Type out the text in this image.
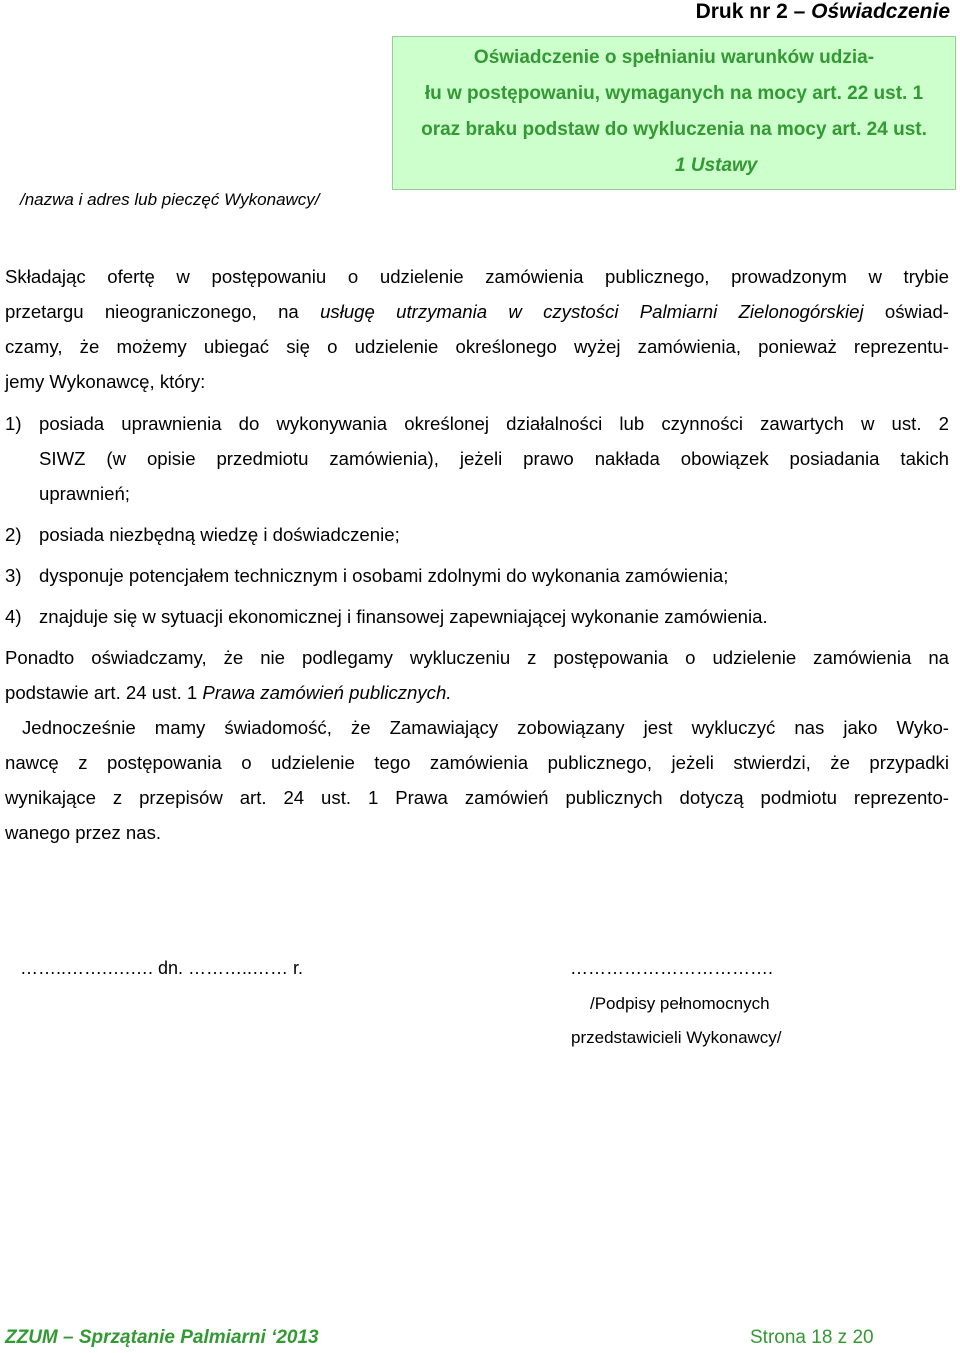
Druk nr 2 – Oświadczenie
Oświadczenie o spełnianiu warunków udzia-
łu w postępowaniu, wymaganych na mocy art. 22 ust. 1
oraz braku podstaw do wykluczenia na mocy art. 24 ust.
1 Ustawy
/nazwa i adres lub pieczęć Wykonawcy/
Składając ofertę w postępowaniu o udzielenie zamówienia publicznego, prowadzonym w trybie
przetargu nieograniczonego, na usługę utrzymania w czystości Palmiarni Zielonogórskiej oświad-
czamy, że możemy ubiegać się o udzielenie określonego wyżej zamówienia, ponieważ reprezentu-
jemy Wykonawcę, który:
1) posiada uprawnienia do wykonywania określonej działalności lub czynności zawartych w ust. 2
SIWZ (w opisie przedmiotu zamówienia), jeżeli prawo nakłada obowiązek posiadania takich
uprawnień;
2) posiada niezbędną wiedzę i doświadczenie;
3) dysponuje potencjałem technicznym i osobami zdolnymi do wykonania zamówienia;
4) znajduje się w sytuacji ekonomicznej i finansowej zapewniającej wykonanie zamówienia.
Ponadto oświadczamy, że nie podlegamy wykluczeniu z postępowania o udzielenie zamówienia na
podstawie art. 24 ust. 1 Prawa zamówień publicznych.
Jednocześnie mamy świadomość, że Zamawiający zobowiązany jest wykluczyć nas jako Wyko-
nawcę z postępowania o udzielenie tego zamówienia publicznego, jeżeli stwierdzi, że przypadki
wynikające z przepisów art. 24 ust. 1 Prawa zamówień publicznych dotyczą podmiotu reprezento-
wanego przez nas.
……..…….….…. dn. ………..…… r.	…………………………….
/Podpisy pełnomocnych
przedstawicieli Wykonawcy/
ZZUM – Sprzątanie Palmiarni ‘2013	Strona 18 z 20
